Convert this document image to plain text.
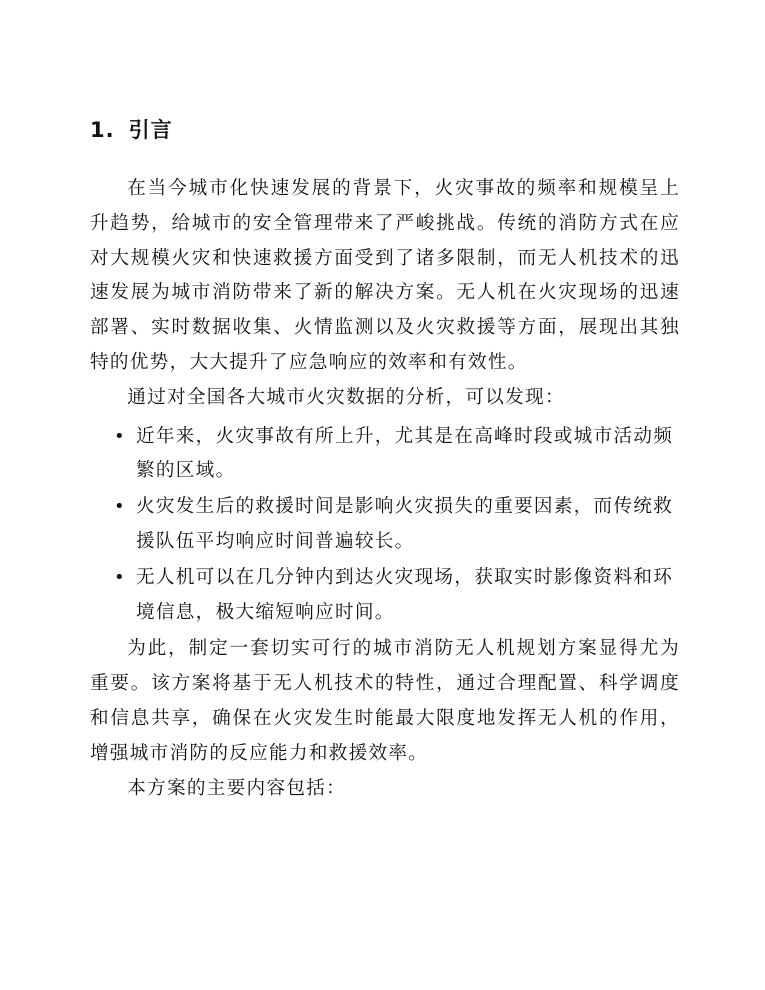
1. 引言

在当今城市化快速发展的背景下，火灾事故的频率和规模呈上升趋势，给城市的安全管理带来了严峻挑战。传统的消防方式在应对大规模火灾和快速救援方面受到了诸多限制，而无人机技术的迅速发展为城市消防带来了新的解决方案。无人机在火灾现场的迅速部署、实时数据收集、火情监测以及火灾救援等方面，展现出其独特的优势，大大提升了应急响应的效率和有效性。

通过对全国各大城市火灾数据的分析，可以发现：

• 近年来，火灾事故有所上升，尤其是在高峰时段或城市活动频繁的区域。
• 火灾发生后的救援时间是影响火灾损失的重要因素，而传统救援队伍平均响应时间普遍较长。
• 无人机可以在几分钟内到达火灾现场，获取实时影像资料和环境信息，极大缩短响应时间。

为此，制定一套切实可行的城市消防无人机规划方案显得尤为重要。该方案将基于无人机技术的特性，通过合理配置、科学调度和信息共享，确保在火灾发生时能最大限度地发挥无人机的作用，增强城市消防的反应能力和救援效率。

本方案的主要内容包括：
